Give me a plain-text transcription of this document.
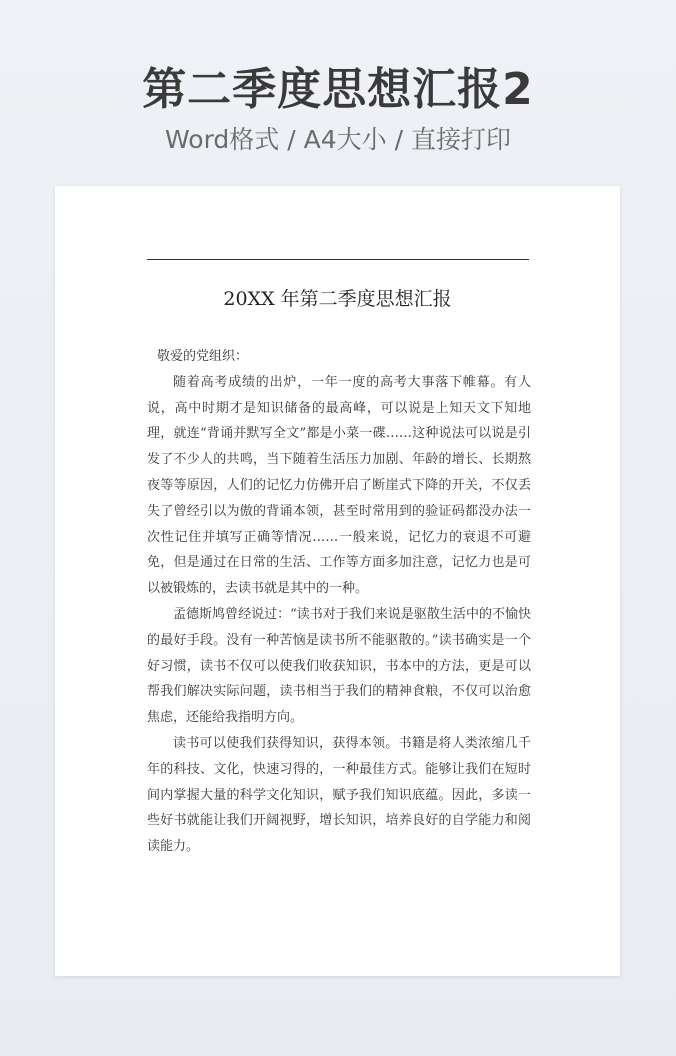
第二季度思想汇报2
Word格式 / A4大小 / 直接打印
20XX 年第二季度思想汇报

敬爱的党组织：

随着高考成绩的出炉，一年一度的高考大事落下帷幕。有人说，高中时期才是知识储备的最高峰，可以说是上知天文下知地理，就连“背诵并默写全文”都是小菜一碟……这种说法可以说是引发了不少人的共鸣，当下随着生活压力加剧、年龄的增长、长期熬夜等等原因，人们的记忆力仿佛开启了断崖式下降的开关，不仅丢失了曾经引以为傲的背诵本领，甚至时常用到的验证码都没办法一次性记住并填写正确等情况……一般来说，记忆力的衰退不可避免，但是通过在日常的生活、工作等方面多加注意，记忆力也是可以被锻炼的，去读书就是其中的一种。

孟德斯鸠曾经说过：“读书对于我们来说是驱散生活中的不愉快的最好手段。没有一种苦恼是读书所不能驱散的。”读书确实是一个好习惯，读书不仅可以使我们收获知识，书本中的方法，更是可以帮我们解决实际问题，读书相当于我们的精神食粮，不仅可以治愈焦虑，还能给我指明方向。

读书可以使我们获得知识，获得本领。书籍是将人类浓缩几千年的科技、文化，快速习得的，一种最佳方式。能够让我们在短时间内掌握大量的科学文化知识，赋予我们知识底蕴。因此，多读一些好书就能让我们开阔视野，增长知识，培养良好的自学能力和阅读能力。
